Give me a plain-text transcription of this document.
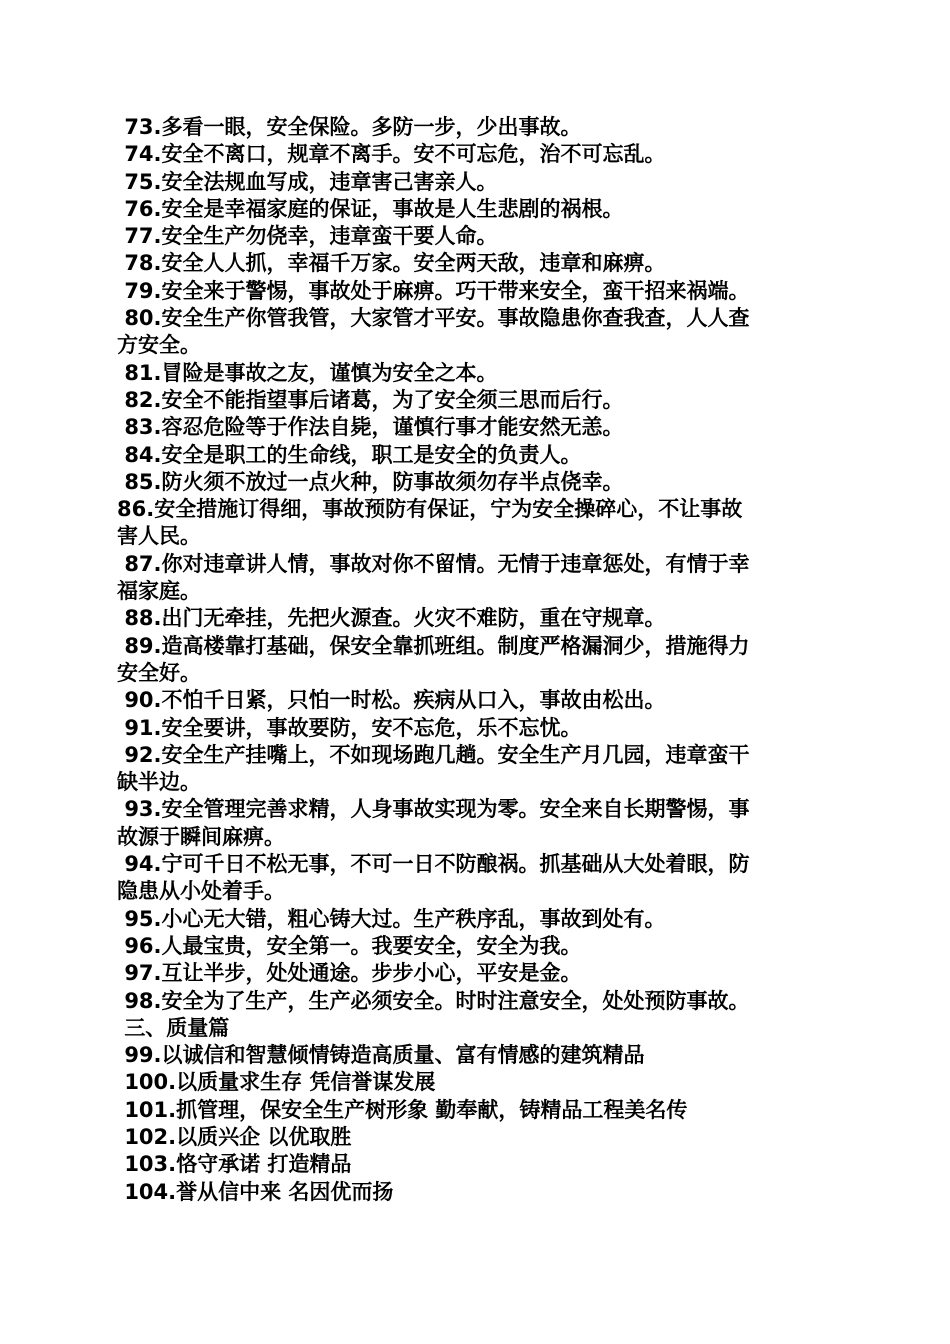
73.多看一眼，安全保险。多防一步，少出事故。

74.安全不离口，规章不离手。安不可忘危，治不可忘乱。

75.安全法规血写成，违章害己害亲人。

76.安全是幸福家庭的保证，事故是人生悲剧的祸根。

77.安全生产勿侥幸，违章蛮干要人命。

78.安全人人抓，幸福千万家。安全两天敌，违章和麻痹。

79.安全来于警惕，事故处于麻痹。巧干带来安全，蛮干招来祸端。

80.安全生产你管我管，大家管才平安。事故隐患你查我查，人人查

方安全。

81.冒险是事故之友，谨慎为安全之本。

82.安全不能指望事后诸葛，为了安全须三思而后行。

83.容忍危险等于作法自毙，谨慎行事才能安然无恙。

84.安全是职工的生命线，职工是安全的负责人。

85.防火须不放过一点火种，防事故须勿存半点侥幸。

86.安全措施订得细，事故预防有保证，宁为安全操碎心，不让事故

害人民。

87.你对违章讲人情，事故对你不留情。无情于违章惩处，有情于幸

福家庭。

88.出门无牵挂，先把火源查。火灾不难防，重在守规章。

89.造高楼靠打基础，保安全靠抓班组。制度严格漏洞少，措施得力

安全好。

90.不怕千日紧，只怕一时松。疾病从口入，事故由松出。

91.安全要讲，事故要防，安不忘危，乐不忘忧。

92.安全生产挂嘴上，不如现场跑几趟。安全生产月几园，违章蛮干

缺半边。

93.安全管理完善求精，人身事故实现为零。安全来自长期警惕，事

故源于瞬间麻痹。

94.宁可千日不松无事，不可一日不防酿祸。抓基础从大处着眼，防

隐患从小处着手。

95.小心无大错，粗心铸大过。生产秩序乱，事故到处有。

96.人最宝贵，安全第一。我要安全，安全为我。

97.互让半步，处处通途。步步小心，平安是金。

98.安全为了生产，生产必须安全。时时注意安全，处处预防事故。

三、质量篇

99.以诚信和智慧倾情铸造高质量、富有情感的建筑精品

100.以质量求生存 凭信誉谋发展

101.抓管理，保安全生产树形象 勤奉献，铸精品工程美名传

102.以质兴企 以优取胜

103.恪守承诺 打造精品

104.誉从信中来 名因优而扬
